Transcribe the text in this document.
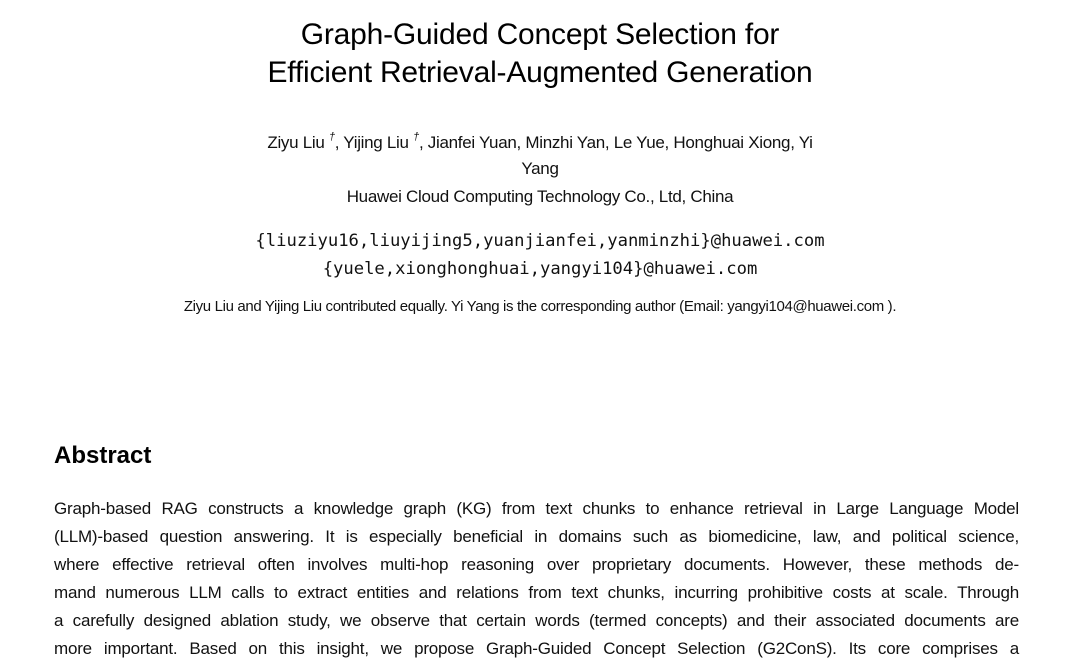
Graph-Guided Concept Selection for
Efficient Retrieval-Augmented Generation
Ziyu Liu †, Yijing Liu †, Jianfei Yuan, Minzhi Yan, Le Yue, Honghuai Xiong, Yi
Yang
Huawei Cloud Computing Technology Co., Ltd, China
{liuziyu16,liuyijing5,yuanjianfei,yanminzhi}@huawei.com
{yuele,xionghonghuai,yangyi104}@huawei.com
Ziyu Liu and Yijing Liu contributed equally. Yi Yang is the corresponding author (Email: yangyi104@huawei.com ).
Abstract
Graph-based RAG constructs a knowledge graph (KG) from text chunks to enhance retrieval in Large Language Model
(LLM)-based question answering. It is especially beneficial in domains such as biomedicine, law, and political science,
where effective retrieval often involves multi-hop reasoning over proprietary documents. However, these methods de-
mand numerous LLM calls to extract entities and relations from text chunks, incurring prohibitive costs at scale. Through
a carefully designed ablation study, we observe that certain words (termed concepts) and their associated documents are
more important. Based on this insight, we propose Graph-Guided Concept Selection (G2ConS). Its core comprises a
